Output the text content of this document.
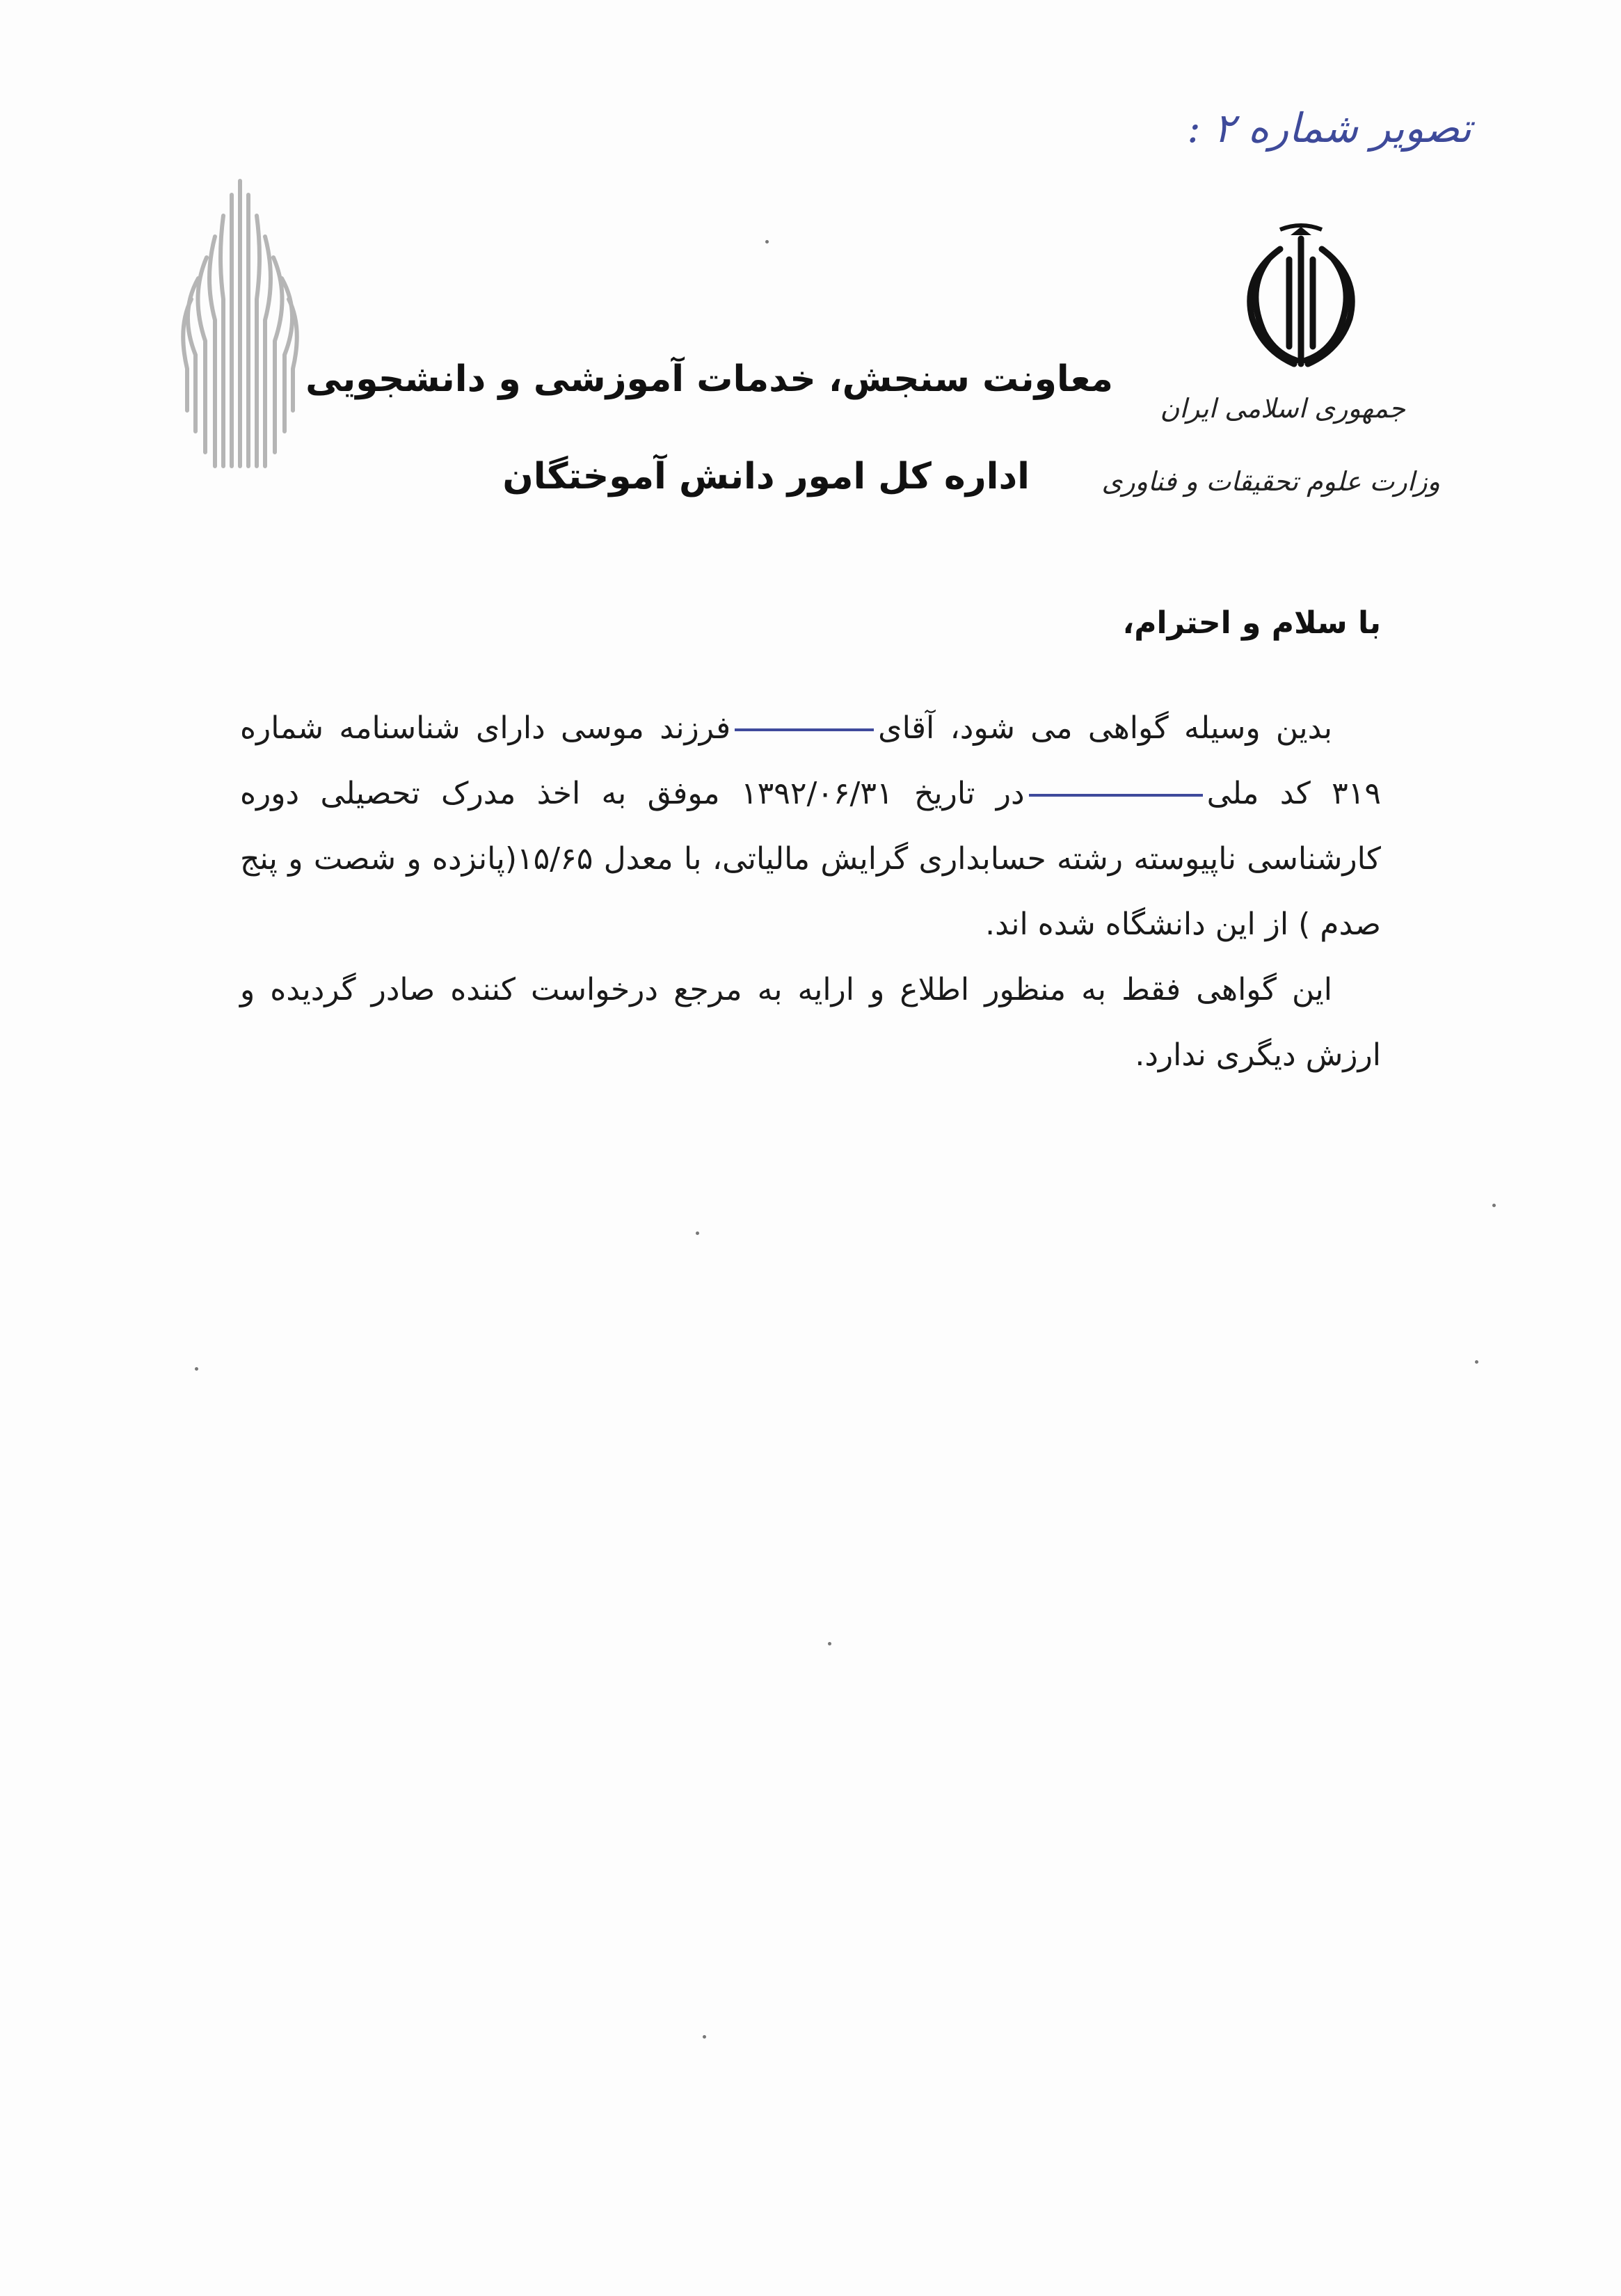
تصویر شماره ۲ :
جمهوری اسلامی ایران
وزارت علوم تحقیقات و فناوری
معاونت سنجش، خدمات آموزشی و دانشجویی
اداره کل امور دانش آموختگان
با سلام و احترام،

بدین وسیله گواهی می شود، آقایفرزند موسی دارای شناسنامه شماره ۳۱۹ کد ملیدر تاریخ ۱۳۹۲/۰۶/۳۱ موفق به اخذ مدرک تحصیلی دوره کارشناسی ناپیوسته رشته حسابداری گرایش مالیاتی، با معدل ۱۵/۶۵(پانزده و شصت و پنج صدم ) از این دانشگاه شده اند.

این گواهی فقط به منظور اطلاع و ارایه به مرجع درخواست کننده صادر گردیده و ارزش دیگری ندارد.
